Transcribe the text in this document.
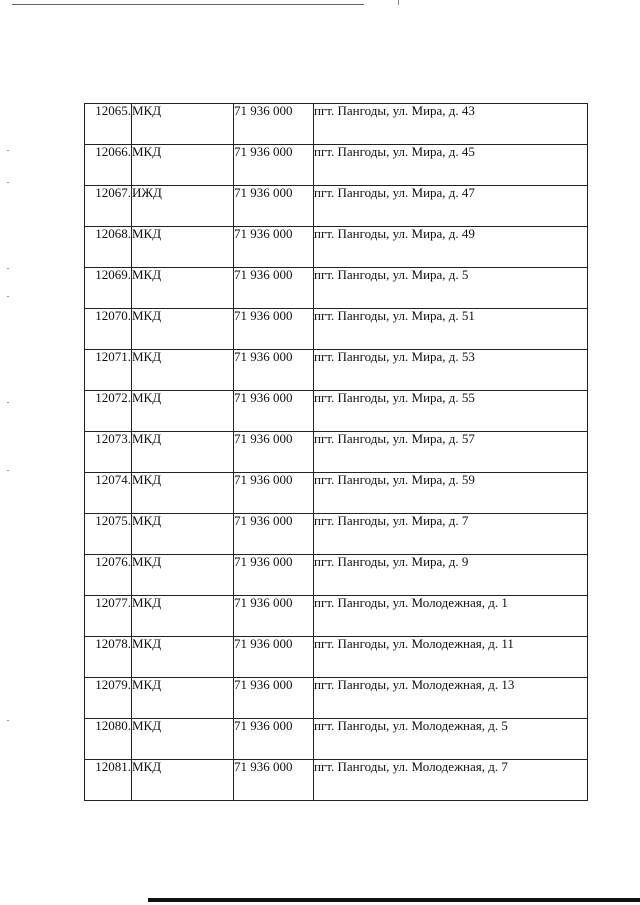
12065.	МКД	71 936 000	пгт. Пангоды, ул. Мира, д. 43
12066.	МКД	71 936 000	пгт. Пангоды, ул. Мира, д. 45
12067.	ИЖД	71 936 000	пгт. Пангоды, ул. Мира, д. 47
12068.	МКД	71 936 000	пгт. Пангоды, ул. Мира, д. 49
12069.	МКД	71 936 000	пгт. Пангоды, ул. Мира, д. 5
12070.	МКД	71 936 000	пгт. Пангоды, ул. Мира, д. 51
12071.	МКД	71 936 000	пгт. Пангоды, ул. Мира, д. 53
12072.	МКД	71 936 000	пгт. Пангоды, ул. Мира, д. 55
12073.	МКД	71 936 000	пгт. Пангоды, ул. Мира, д. 57
12074.	МКД	71 936 000	пгт. Пангоды, ул. Мира, д. 59
12075.	МКД	71 936 000	пгт. Пангоды, ул. Мира, д. 7
12076.	МКД	71 936 000	пгт. Пангоды, ул. Мира, д. 9
12077.	МКД	71 936 000	пгт. Пангоды, ул. Молодежная, д. 1
12078.	МКД	71 936 000	пгт. Пангоды, ул. Молодежная, д. 11
12079.	МКД	71 936 000	пгт. Пангоды, ул. Молодежная, д. 13
12080.	МКД	71 936 000	пгт. Пангоды, ул. Молодежная, д. 5
12081.	МКД	71 936 000	пгт. Пангоды, ул. Молодежная, д. 7
